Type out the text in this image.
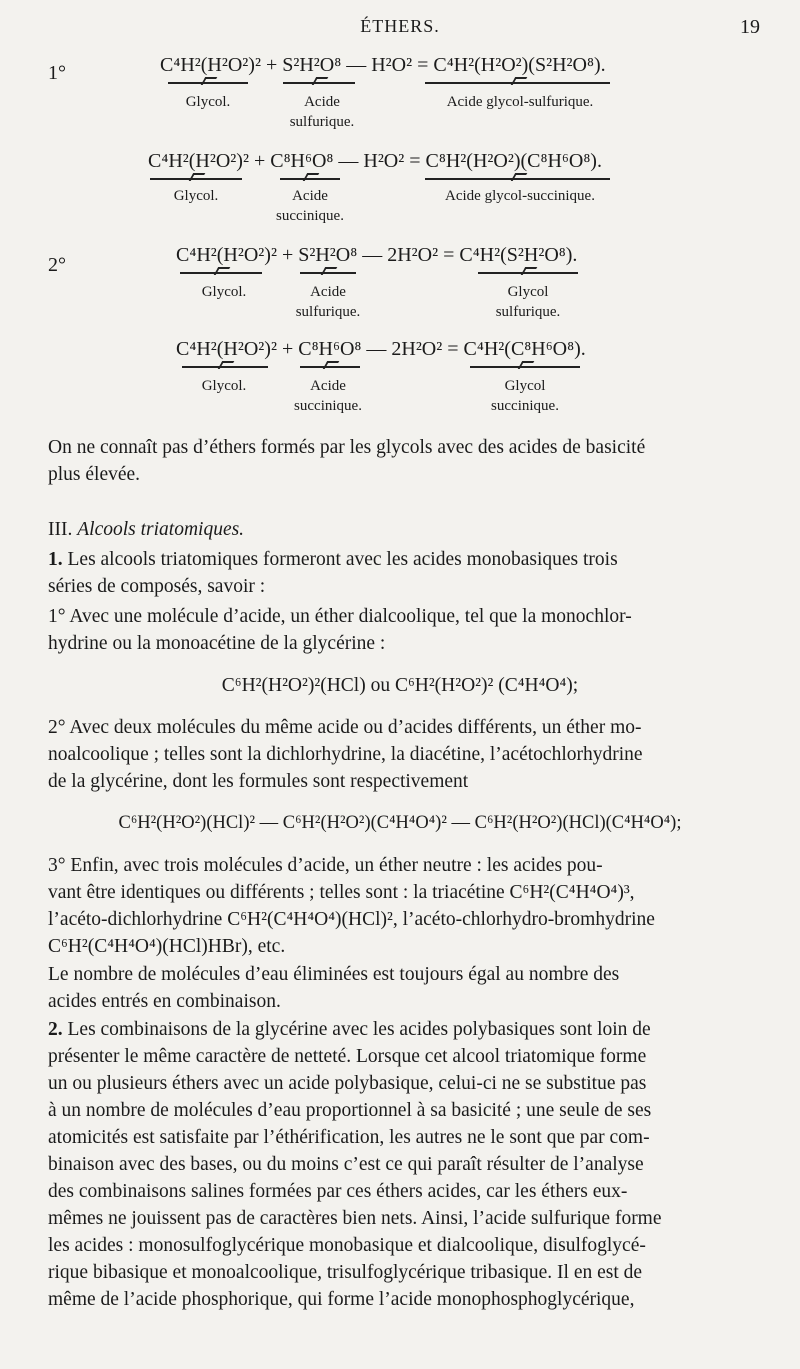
ÉTHERS.	19
1°	C⁴H²(H²O²)² + S²H²O⁸ — H²O² = C⁴H²(H²O²)(S²H²O⁸).
Glycol.	Acide
sulfurique.
Acide glycol-sulfurique.
C⁴H²(H²O²)² + C⁸H⁶O⁸ — H²O² = C⁸H²(H²O²)(C⁸H⁶O⁸).
Glycol.	Acide
succinique.
Acide glycol-succinique.
2°	C⁴H²(H²O²)² + S²H²O⁸ — 2H²O² = C⁴H²(S²H²O⁸).
Glycol.	Acide
sulfurique.
Glycol
sulfurique.
C⁴H²(H²O²)² + C⁸H⁶O⁸ — 2H²O² = C⁴H²(C⁸H⁶O⁸).
Glycol.	Acide
succinique.
Glycol
succinique.
On ne connaît pas d’éthers formés par les glycols avec des acides de basicité
plus élevée.
III. Alcools triatomiques.
1. Les alcools triatomiques formeront avec les acides monobasiques trois
séries de composés, savoir :
1° Avec une molécule d’acide, un éther dialcoolique, tel que la monochlor-
hydrine ou la monoacétine de la glycérine :
C⁶H²(H²O²)²(HCl) ou C⁶H²(H²O²)² (C⁴H⁴O⁴);
2° Avec deux molécules du même acide ou d’acides différents, un éther mo-
noalcoolique ; telles sont la dichlorhydrine, la diacétine, l’acétochlorhydrine
de la glycérine, dont les formules sont respectivement
C⁶H²(H²O²)(HCl)² — C⁶H²(H²O²)(C⁴H⁴O⁴)² — C⁶H²(H²O²)(HCl)(C⁴H⁴O⁴);
3° Enfin, avec trois molécules d’acide, un éther neutre : les acides pou-
vant être identiques ou différents ; telles sont : la triacétine C⁶H²(C⁴H⁴O⁴)³,
l’acéto-dichlorhydrine C⁶H²(C⁴H⁴O⁴)(HCl)², l’acéto-chlorhydro-bromhydrine
C⁶H²(C⁴H⁴O⁴)(HCl)HBr), etc.
Le nombre de molécules d’eau éliminées est toujours égal au nombre des
acides entrés en combinaison.
2. Les combinaisons de la glycérine avec les acides polybasiques sont loin de
présenter le même caractère de netteté. Lorsque cet alcool triatomique forme
un ou plusieurs éthers avec un acide polybasique, celui-ci ne se substitue pas
à un nombre de molécules d’eau proportionnel à sa basicité ; une seule de ses
atomicités est satisfaite par l’éthérification, les autres ne le sont que par com-
binaison avec des bases, ou du moins c’est ce qui paraît résulter de l’analyse
des combinaisons salines formées par ces éthers acides, car les éthers eux-
mêmes ne jouissent pas de caractères bien nets. Ainsi, l’acide sulfurique forme
les acides : monosulfoglycérique monobasique et dialcoolique, disulfoglycé-
rique bibasique et monoalcoolique, trisulfoglycérique tribasique. Il en est de
même de l’acide phosphorique, qui forme l’acide monophosphoglycérique,
